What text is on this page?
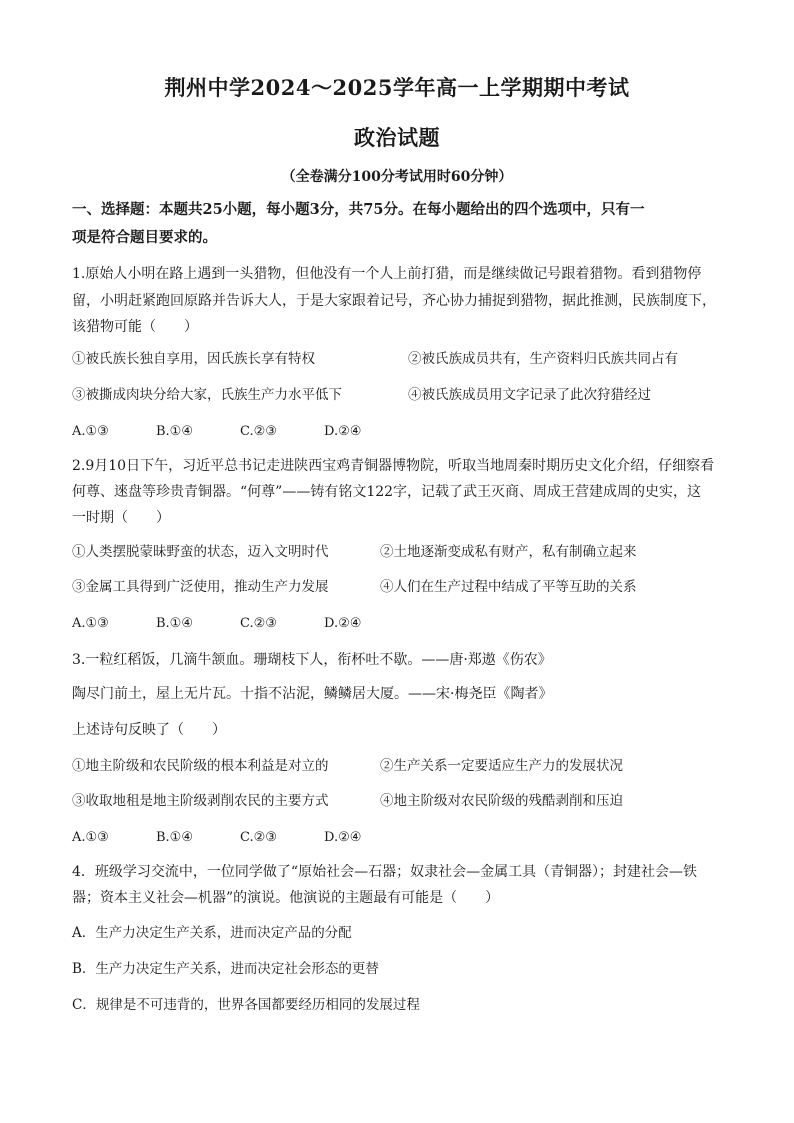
荆州中学2024～2025学年高一上学期期中考试
政治试题
（全卷满分100分考试用时60分钟）
一、选择题：本题共25小题，每小题3分，共75分。在每小题给出的四个选项中，只有一
项是符合题目要求的。
1.原始人小明在路上遇到一头猎物，但他没有一个人上前打猎，而是继续做记号跟着猎物。看到猎物停
留，小明赶紧跑回原路并告诉大人，于是大家跟着记号，齐心协力捕捉到猎物，据此推测，民族制度下，
该猎物可能（　　）
①被氏族长独自享用，因氏族长享有特权	②被氏族成员共有，生产资料归氏族共同占有
③被撕成肉块分给大家，氏族生产力水平低下	④被氏族成员用文字记录了此次狩猎经过
A.①③	B.①④	C.②③	D.②④
2.9月10日下午，习近平总书记走进陕西宝鸡青铜器博物院，听取当地周秦时期历史文化介绍，仔细察看
何尊、逨盘等珍贵青铜器。“何尊”——铸有铭文122字，记载了武王灭商、周成王营建成周的史实，这
一时期（　　）
①人类摆脱蒙昧野蛮的状态，迈入文明时代	②土地逐渐变成私有财产，私有制确立起来
③金属工具得到广泛使用，推动生产力发展	④人们在生产过程中结成了平等互助的关系
A.①③	B.①④	C.②③	D.②④
3.一粒红稻饭，几滴牛颔血。珊瑚枝下人，衔杯吐不歇。——唐·郑遨《伤农》
陶尽门前土，屋上无片瓦。十指不沾泥，鳞鳞居大厦。——宋·梅尧臣《陶者》
上述诗句反映了（　　）
①地主阶级和农民阶级的根本利益是对立的	②生产关系一定要适应生产力的发展状况
③收取地租是地主阶级剥削农民的主要方式	④地主阶级对农民阶级的残酷剥削和压迫
A.①③	B.①④	C.②③	D.②④
4．班级学习交流中，一位同学做了“原始社会—石器；奴隶社会—金属工具（青铜器）；封建社会—铁
器；资本主义社会—机器”的演说。他演说的主题最有可能是（　　）
A．生产力决定生产关系，进而决定产品的分配
B．生产力决定生产关系，进而决定社会形态的更替
C．规律是不可违背的，世界各国都要经历相同的发展过程
